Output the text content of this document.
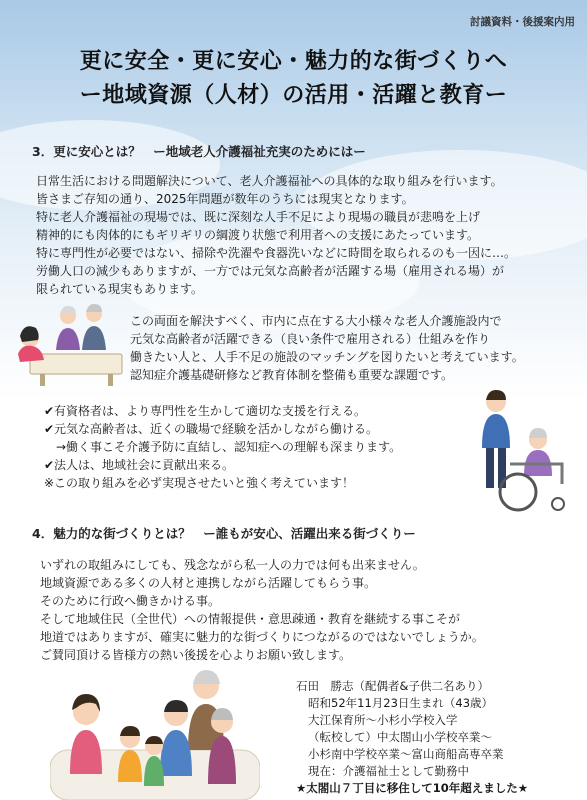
討議資料・後援案内用
更に安全・更に安心・魅力的な街づくりへ
ー地域資源（人材）の活用・活躍と教育ー
3．更に安心とは？　ー地域老人介護福祉充実のためにはー
日常生活における問題解決について、老人介護福祉への具体的な取り組みを行います。
皆さまご存知の通り、2025年問題が数年のうちには現実となります。
特に老人介護福祉の現場では、既に深刻な人手不足により現場の職員が悲鳴を上げ
精神的にも肉体的にもギリギリの綱渡り状態で利用者への支援にあたっています。
特に専門性が必要ではない、掃除や洗濯や食器洗いなどに時間を取られるのも一因に…。
労働人口の減少もありますが、一方では元気な高齢者が活躍する場（雇用される場）が
限られている現実もあります。
この両面を解決すべく、市内に点在する大小様々な老人介護施設内で
元気な高齢者が活躍できる（良い条件で雇用される）仕組みを作り
働きたい人と、人手不足の施設のマッチングを図りたいと考えています。
認知症介護基礎研修など教育体制を整備も重要な課題です。
✔有資格者は、より専門性を生かして適切な支援を行える。
✔元気な高齢者は、近くの職場で経験を活かしながら働ける。
　→働く事こそ介護予防に直結し、認知症への理解も深まります。
✔法人は、地域社会に貢献出来る。
※この取り組みを必ず実現させたいと強く考えています！
4．魅力的な街づくりとは？　ー誰もが安心、活躍出来る街づくりー
いずれの取組みにしても、残念ながら私一人の力では何も出来ません。
地域資源である多くの人材と連携しながら活躍してもらう事。
そのために行政へ働きかける事。
そして地域住民（全世代）への情報提供・意思疎通・教育を継続する事こそが
地道ではありますが、確実に魅力的な街づくりにつながるのではないでしょうか。
ご賛同頂ける皆様方の熱い後援を心よりお願い致します。
石田　勝志（配偶者&子供二名あり）
昭和52年11月23日生まれ（43歳）
大江保育所～小杉小学校入学
（転校して）中太閤山小学校卒業～
小杉南中学校卒業～富山商船高専卒業
現在：介護福祉士として勤務中
★太閤山７丁目に移住して10年超えました★
